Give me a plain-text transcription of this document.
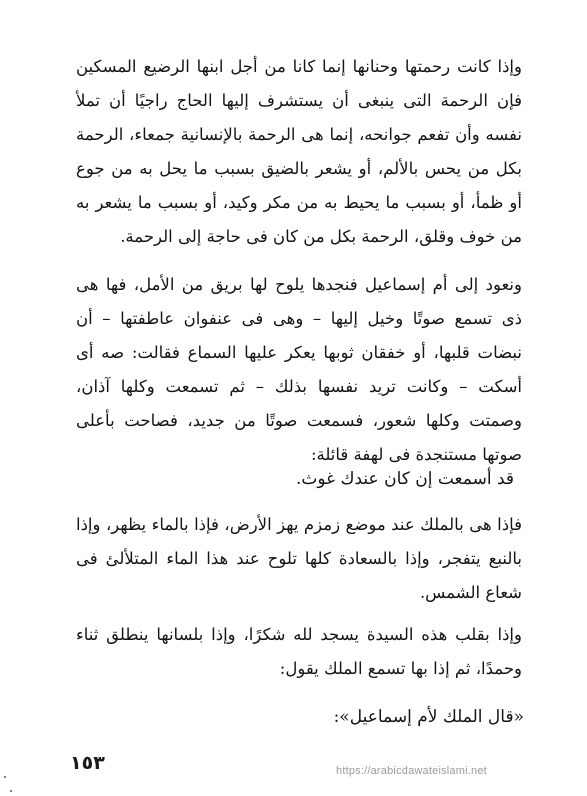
وإذا كانت رحمتها وحنانها إنما كانا من أجل ابنها الرضيع المسكين فإن الرحمة التى ينبغى أن يستشرف إليها الحاج راجيًا أن تملأ نفسه وأن تفعم جوانحه، إنما هى الرحمة بالإنسانية جمعاء، الرحمة بكل من يحس بالألم، أو يشعر بالضيق بسبب ما يحل به من جوع أو ظمأ، أو بسبب ما يحيط به من مكر وكيد، أو بسبب ما يشعر به من خوف وقلق، الرحمة بكل من كان فى حاجة إلى الرحمة.

ونعود إلى أم إسماعيل فنجدها يلوح لها بريق من الأمل، فها هى ذى تسمع صوتًا وخيل إليها – وهى فى عنفوان عاطفتها – أن نبضات قلبها، أو خفقان ثوبها يعكر عليها السماع فقالت: صه أى أسكت – وكانت تريد نفسها بذلك – ثم تسمعت وكلها آذان، وصمتت وكلها شعور، فسمعت صوتًا من جديد، فصاحت بأعلى صوتها مستنجدة فى لهفة قائلة:

قد أسمعت إن كان عندك غوث.

فإذا هى بالملك عند موضع زمزم يهز الأرض، فإذا بالماء يظهر، وإذا بالنبع يتفجر، وإذا بالسعادة كلها تلوح عند هذا الماء المتلألئ فى شعاع الشمس.

وإذا بقلب هذه السيدة يسجد لله شكرًا، وإذا بلسانها ينطلق ثناء وحمدًا، ثم إذا بها تسمع الملك يقول:

«قال الملك لأم إسماعيل»:

١٥٣	https://arabicdawateislami.net
